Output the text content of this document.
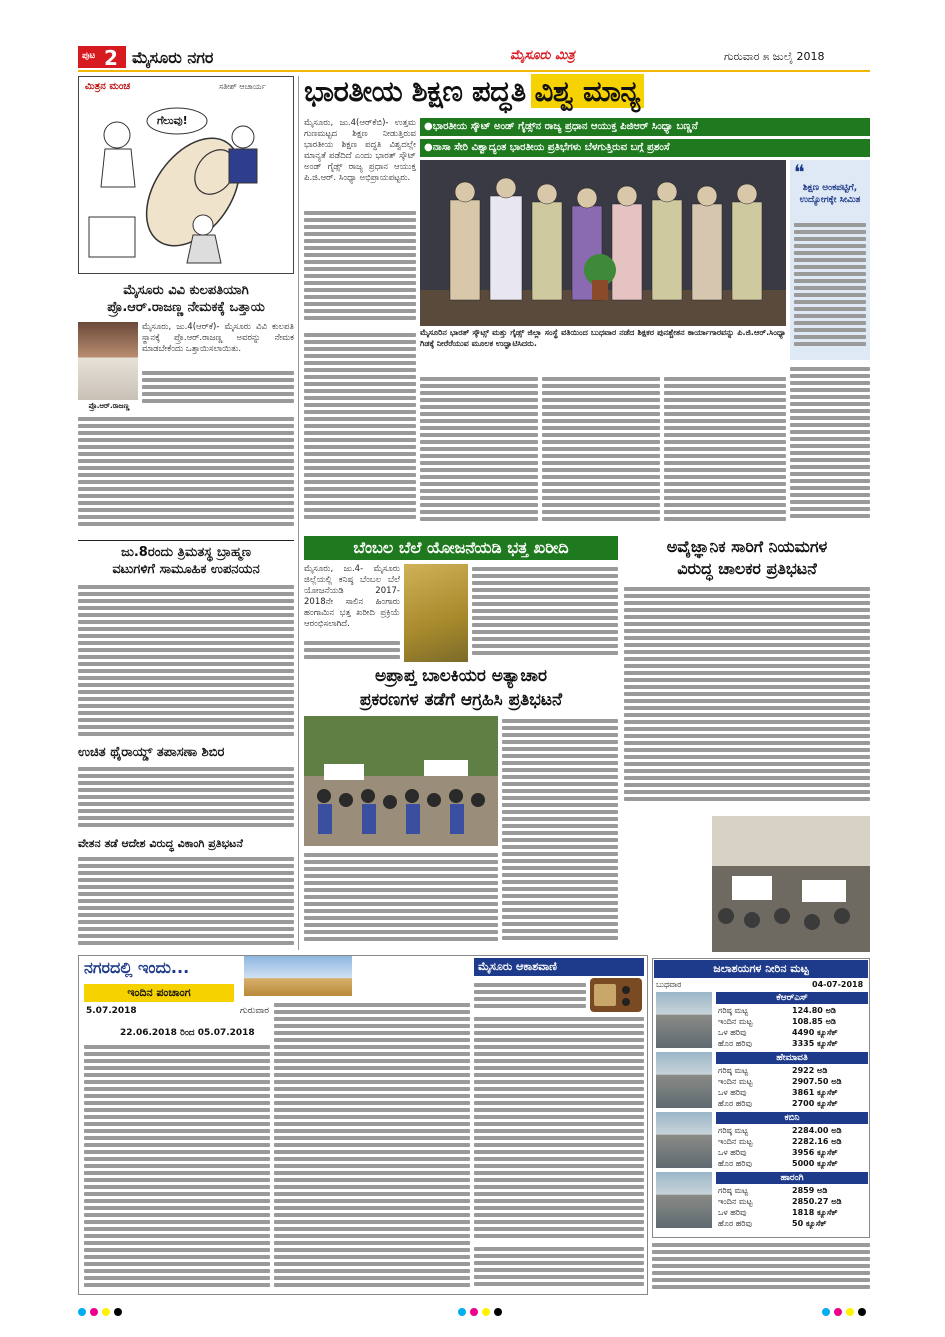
ಪುಟ 2 ಮೈಸೂರು ನಗರ	ಮೈಸೂರು ಮಿತ್ರ	ಗುರುವಾರ ೫ ಜುಲೈ 2018
ಮಿತ್ರನ ಮಂಚ	ಸತೀಶ್ ಆಚಾರ್ಯ
ಗೆಲುವು!
ಮೈಸೂರು ವಿವಿ ಕುಲಪತಿಯಾಗಿ
ಪ್ರೊ.ಆರ್.ರಾಜಣ್ಣ ನೇಮಕಕ್ಕೆ ಒತ್ತಾಯ
ಪ್ರೊ.ಆರ್.ರಾಜಣ್ಣ
ಮೈಸೂರು, ಜು.4(ಆರ್‌ಕೆ)- ಮೈಸೂರು ವಿವಿ ಕುಲಪತಿ ಸ್ಥಾನಕ್ಕೆ ಪ್ರೊ.ಆರ್.ರಾಜಣ್ಣ ಅವರನ್ನು ನೇಮಕ ಮಾಡಬೇಕೆಂದು ಒತ್ತಾಯಿಸಲಾಯಿತು.
ಜು.8ರಂದು ತ್ರಿಮತಸ್ಥ ಬ್ರಾಹ್ಮಣ
ವಟುಗಳಿಗೆ ಸಾಮೂಹಿಕ ಉಪನಯನ
ಉಚಿತ ಥೈರಾಯ್ಡ್ ತಪಾಸಣಾ ಶಿಬಿರ
ವೇತನ ತಡೆ ಆದೇಶ ವಿರುದ್ಧ ವಿಕಾಂಗಿ ಪ್ರತಿಭಟನೆ
ಭಾರತೀಯ ಶಿಕ್ಷಣ ಪದ್ಧತಿ ವಿಶ್ವ ಮಾನ್ಯ
●ಭಾರತೀಯ ಸ್ಕೌಟ್ ಅಂಡ್ ಗೈಡ್ಸ್‌ನ ರಾಜ್ಯ ಪ್ರಧಾನ ಆಯುಕ್ತ ಪಿಜಿಆರ್ ಸಿಂಧ್ಯಾ ಬಣ್ಣನೆ
●ನಾಸಾ ಸೇರಿ ವಿಶ್ವಾದ್ಯಂತ ಭಾರತೀಯ ಪ್ರತಿಭೆಗಳು ಬೆಳಗುತ್ತಿರುವ ಬಗ್ಗೆ ಪ್ರಶಂಸೆ
ಮೈಸೂರು, ಜು.4(ಆರ್‌ಕೆಬಿ)- ಉತ್ತಮ ಗುಣಮಟ್ಟದ ಶಿಕ್ಷಣ ನೀಡುತ್ತಿರುವ ಭಾರತೀಯ ಶಿಕ್ಷಣ ಪದ್ಧತಿ ವಿಶ್ವದಲ್ಲೇ ಮಾನ್ಯತೆ ಪಡೆದಿದೆ ಎಂದು ಭಾರತ್ ಸ್ಕೌಟ್ ಅಂಡ್ ಗೈಡ್ಸ್ ರಾಜ್ಯ ಪ್ರಧಾನ ಆಯುಕ್ತ ಪಿ.ಜಿ.ಆರ್. ಸಿಂಧ್ಯಾ ಅಭಿಪ್ರಾಯಪಟ್ಟರು.
ಮೈಸೂರಿನ ಭಾರತ್ ಸ್ಕೌಟ್ಸ್ ಮತ್ತು ಗೈಡ್ಸ್ ಜಿಲ್ಲಾ ಸಂಸ್ಥೆ ವತಿಯಿಂದ ಬುಧವಾರ ನಡೆದ ಶಿಕ್ಷಕರ ಪುನಶ್ಚೇತನ ಕಾರ್ಯಾಗಾರವನ್ನು ಪಿ.ಜಿ.ಆರ್.ಸಿಂಧ್ಯಾ ಗಿಡಕ್ಕೆ ನೀರೆರೆಯುವ ಮೂಲಕ ಉದ್ಘಾಟಿಸಿದರು.
❝
ಶಿಕ್ಷಣ ಅಂಕಪಟ್ಟಿಗೆ, ಉದ್ಯೋಗಕ್ಕೇ ಸೀಮಿತ
ಬೆಂಬಲ ಬೆಲೆ ಯೋಜನೆಯಡಿ ಭತ್ತ ಖರೀದಿ
ಮೈಸೂರು, ಜು.4- ಮೈಸೂರು ಜಿಲ್ಲೆಯಲ್ಲಿ ಕನಿಷ್ಠ ಬೆಂಬಲ ಬೆಲೆ ಯೋಜನೆಯಡಿ 2017-2018ನೇ ಸಾಲಿನ ಹಿಂಗಾರು ಹಂಗಾಮಿನ ಭತ್ತ ಖರೀದಿ ಪ್ರಕ್ರಿಯೆ ಆರಂಭಿಸಲಾಗಿದೆ.
ಅವೈಜ್ಞಾನಿಕ ಸಾರಿಗೆ ನಿಯಮಗಳ
ವಿರುದ್ಧ ಚಾಲಕರ ಪ್ರತಿಭಟನೆ
ಅಪ್ರಾಪ್ತ ಬಾಲಕಿಯರ ಅತ್ಯಾಚಾರ
ಪ್ರಕರಣಗಳ ತಡೆಗೆ ಆಗ್ರಹಿಸಿ ಪ್ರತಿಭಟನೆ
ನಗರದಲ್ಲಿ ಇಂದು...
ಇಂದಿನ ಪಂಚಾಂಗ
5.07.2018	ಗುರುವಾರ
22.06.2018 ರಿಂದ 05.07.2018
ಮೈಸೂರು ಆಕಾಶವಾಣಿ	ಜಲಾಶಯಗಳ ನೀರಿನ ಮಟ್ಟ
ಬುಧವಾರ	04-07-2018
ಕೆಆರ್‌ಎಸ್
ಗರಿಷ್ಠ ಮಟ್ಟ	124.80 ಅಡಿ
ಇಂದಿನ ಮಟ್ಟ	108.85 ಅಡಿ
ಒಳ ಹರಿವು	4490 ಕ್ಯೂಸೆಕ್
ಹೊರ ಹರಿವು	3335 ಕ್ಯೂಸೆಕ್
ಹೇಮಾವತಿ
ಗರಿಷ್ಠ ಮಟ್ಟ	2922 ಅಡಿ
ಇಂದಿನ ಮಟ್ಟ	2907.50 ಅಡಿ
ಒಳ ಹರಿವು	3861 ಕ್ಯೂಸೆಕ್
ಹೊರ ಹರಿವು	2700 ಕ್ಯೂಸೆಕ್
ಕಬಿನಿ
ಗರಿಷ್ಠ ಮಟ್ಟ	2284.00 ಅಡಿ
ಇಂದಿನ ಮಟ್ಟ	2282.16 ಅಡಿ
ಒಳ ಹರಿವು	3956 ಕ್ಯೂಸೆಕ್
ಹೊರ ಹರಿವು	5000 ಕ್ಯೂಸೆಕ್
ಹಾರಂಗಿ
ಗರಿಷ್ಠ ಮಟ್ಟ	2859 ಅಡಿ
ಇಂದಿನ ಮಟ್ಟ	2850.27 ಅಡಿ
ಒಳ ಹರಿವು	1818 ಕ್ಯೂಸೆಕ್
ಹೊರ ಹರಿವು	50 ಕ್ಯೂಸೆಕ್
